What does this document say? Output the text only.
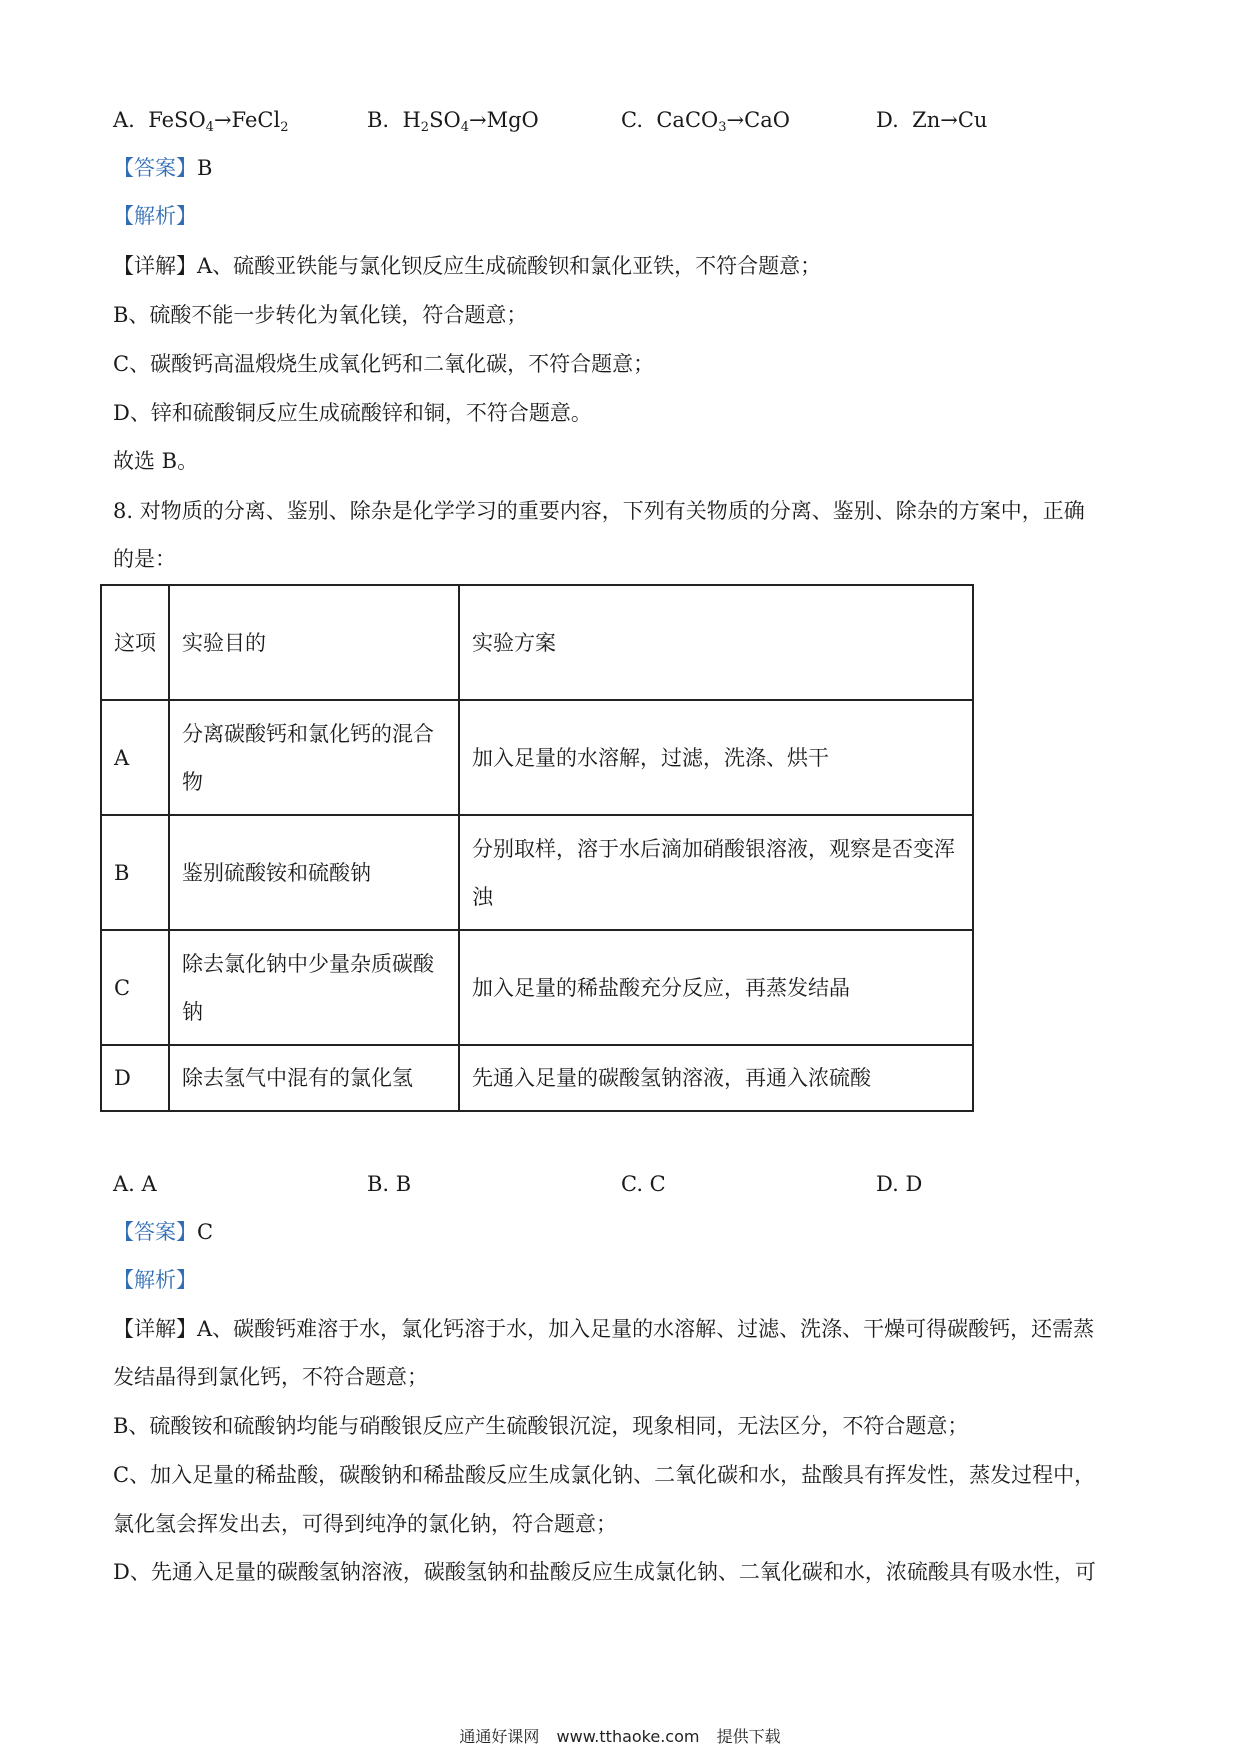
A. FeSO$_4$→FeCl$_2$	B. $H_2SO_4\to MgO$	C. CaCO$_3$→CaO	D. Zn→Cu
【答案】B
【解析】
【详解】A、硫酸亚铁能与氯化钡反应生成硫酸钡和氯化亚铁，不符合题意；
B、硫酸不能一步转化为氧化镁，符合题意；
C、碳酸钙高温煅烧生成氧化钙和二氧化碳，不符合题意；
D、锌和硫酸铜反应生成硫酸锌和铜，不符合题意。
故选 B。
8. 对物质的分离、鉴别、除杂是化学学习的重要内容，下列有关物质的分离、鉴别、除杂的方案中，正确
的是：
这项	实验目的	实验方案
A	分离碳酸钙和氯化钙的混合物	加入足量的水溶解，过滤，洗涤、烘干
B	鉴别硫酸铵和硫酸钠	分别取样，溶于水后滴加硝酸银溶液，观察是否变浑浊
C	除去氯化钠中少量杂质碳酸钠	加入足量的稀盐酸充分反应，再蒸发结晶
D	除去氢气中混有的氯化氢	先通入足量的碳酸氢钠溶液，再通入浓硫酸
A. A	B. B	C. C	D. D
【答案】C
【解析】
【详解】A、碳酸钙难溶于水，氯化钙溶于水，加入足量的水溶解、过滤、洗涤、干燥可得碳酸钙，还需蒸
发结晶得到氯化钙，不符合题意；
B、硫酸铵和硫酸钠均能与硝酸银反应产生硫酸银沉淀，现象相同，无法区分，不符合题意；
C、加入足量的稀盐酸，碳酸钠和稀盐酸反应生成氯化钠、二氧化碳和水，盐酸具有挥发性，蒸发过程中，
氯化氢会挥发出去，可得到纯净的氯化钠，符合题意；
D、先通入足量的碳酸氢钠溶液，碳酸氢钠和盐酸反应生成氯化钠、二氧化碳和水，浓硫酸具有吸水性，可
通通好课网 www.tthaoke.com 提供下载
